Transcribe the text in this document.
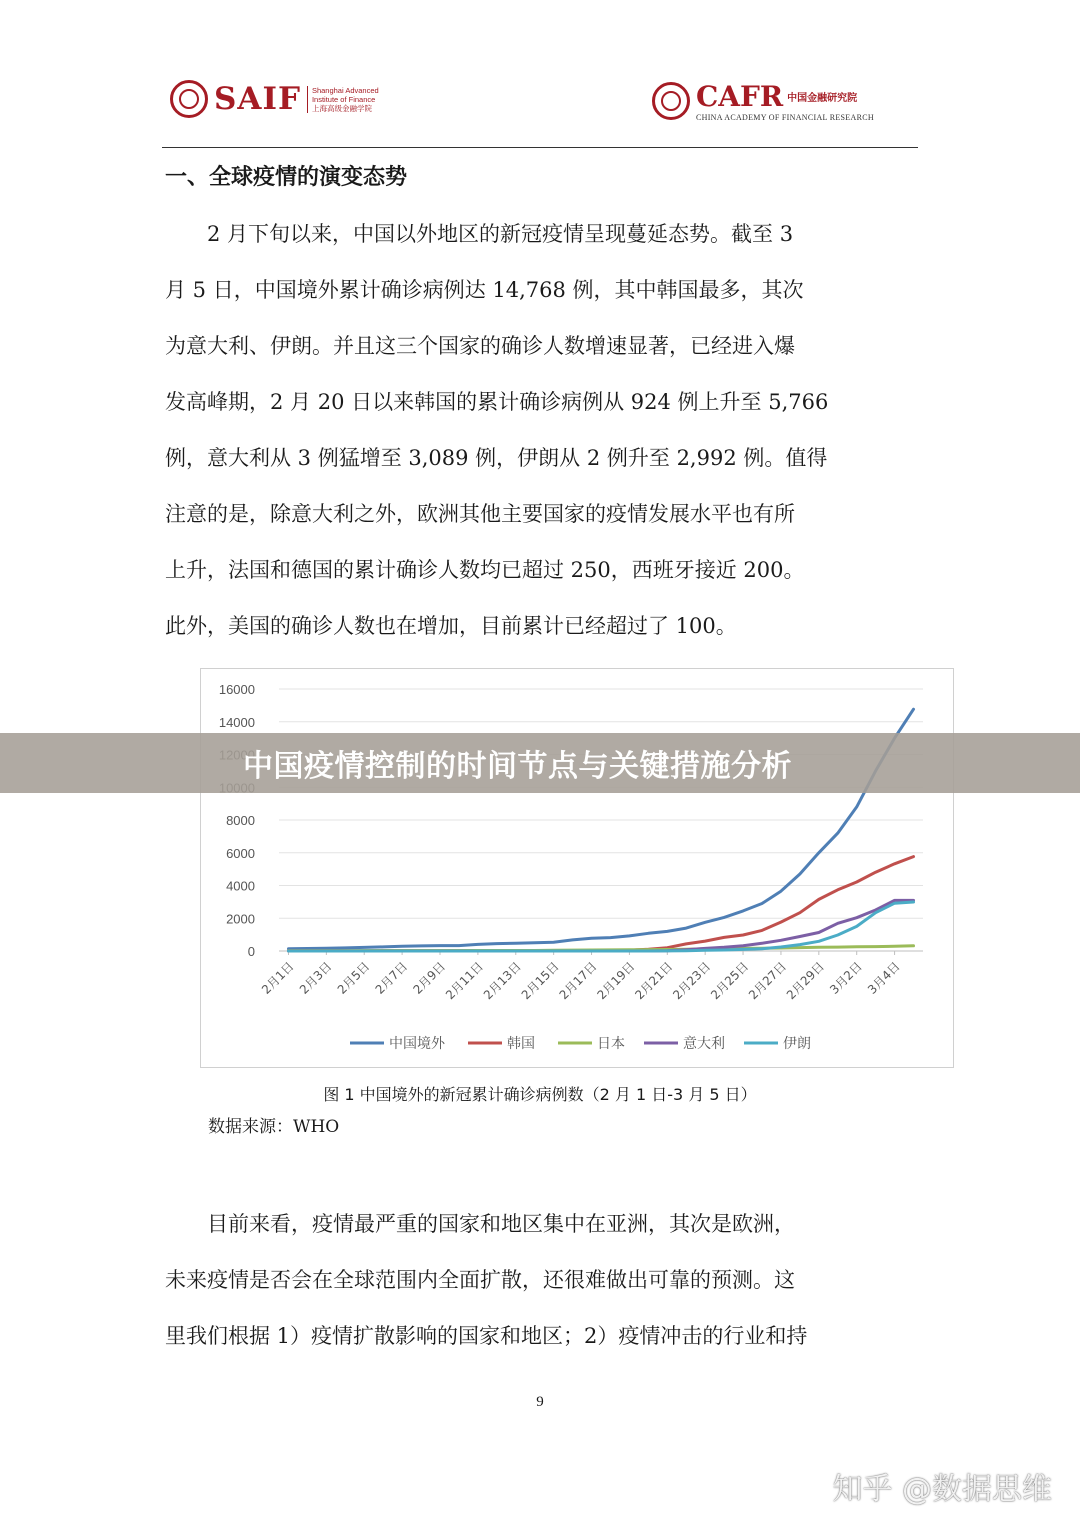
SAIF Shanghai Advanced
Institute of Finance
上海高级金融学院	CAFR 中国金融研究院
CHINA ACADEMY OF FINANCIAL RESEARCH
一、全球疫情的演变态势
　　2 月下旬以来，中国以外地区的新冠疫情呈现蔓延态势。截至 3
月 5 日，中国境外累计确诊病例达 14,768 例，其中韩国最多，其次
为意大利、伊朗。并且这三个国家的确诊人数增速显著，已经进入爆
发高峰期，2 月 20 日以来韩国的累计确诊病例从 924 例上升至 5,766
例，意大利从 3 例猛增至 3,089 例，伊朗从 2 例升至 2,992 例。值得
注意的是，除意大利之外，欧洲其他主要国家的疫情发展水平也有所
上升，法国和德国的累计确诊人数均已超过 250，西班牙接近 200。
此外，美国的确诊人数也在增加，目前累计已经超过了 100。
16000
14000
8000
6000
4000
2000
0
2月1日 2月3日 2月5日 2月7日 2月9日
2月11日
2月13日
2月15日
2月17日
2月19日
2月21日
2月23日
2月25日
2月27日
2月29日 3月2日 3月4日
中国境外	韩国	日本	意大利	伊朗
图 1 中国境外的新冠累计确诊病例数（2 月 1 日-3 月 5 日）
数据来源：WHO
中国疫情控制的时间节点与关键措施分析
　　目前来看，疫情最严重的国家和地区集中在亚洲，其次是欧洲，
未来疫情是否会在全球范围内全面扩散，还很难做出可靠的预测。这
里我们根据 1）疫情扩散影响的国家和地区；2）疫情冲击的行业和持
9
知乎 @数据思维
